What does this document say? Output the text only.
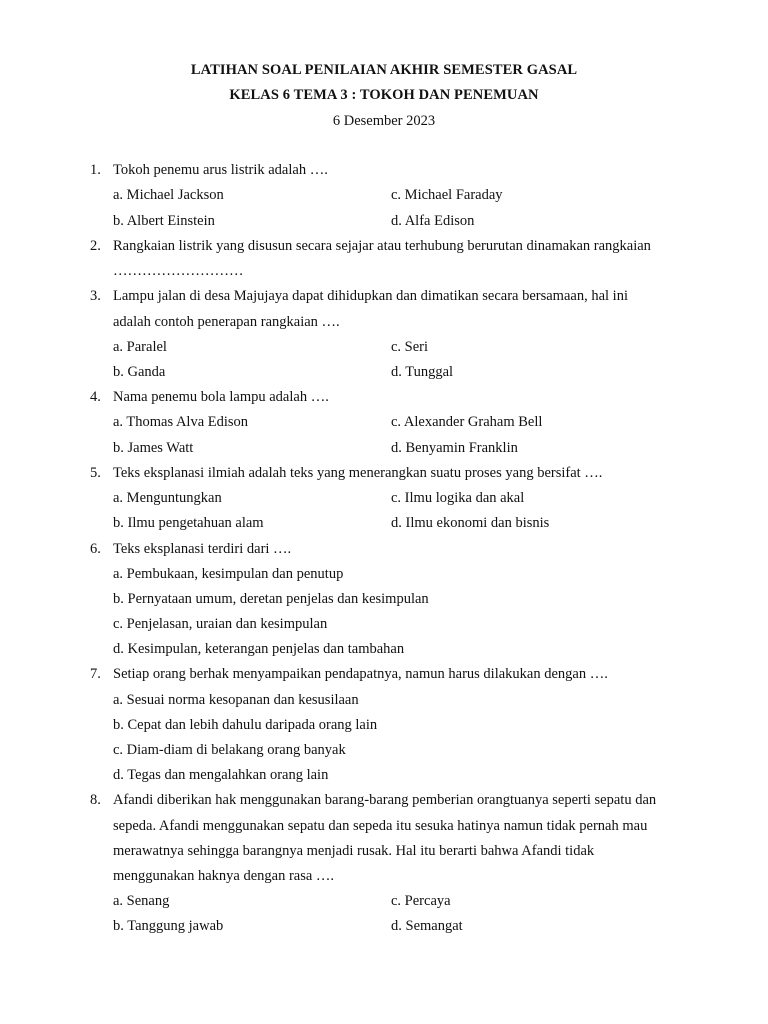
LATIHAN SOAL PENILAIAN AKHIR SEMESTER GASAL
KELAS 6 TEMA 3 : TOKOH DAN PENEMUAN
6 Desember 2023
1. Tokoh penemu arus listrik adalah ….
a. Michael Jackson
b. Albert Einstein
c. Michael Faraday
d. Alfa Edison
2. Rangkaian listrik yang disusun secara sejajar atau terhubung berurutan dinamakan rangkaian
………………………
3. Lampu jalan di desa Majujaya dapat dihidupkan dan dimatikan secara bersamaan, hal ini
adalah contoh penerapan rangkaian ….
a. Paralel
b. Ganda
c. Seri
d. Tunggal
4. Nama penemu bola lampu adalah ….
a. Thomas Alva Edison
b. James Watt
c. Alexander Graham Bell
d. Benyamin Franklin
5. Teks eksplanasi ilmiah adalah teks yang menerangkan suatu proses yang bersifat ….
a. Menguntungkan
b. Ilmu pengetahuan alam
c. Ilmu logika dan akal
d. Ilmu ekonomi dan bisnis
6. Teks eksplanasi terdiri dari ….
a. Pembukaan, kesimpulan dan penutup
b. Pernyataan umum, deretan penjelas dan kesimpulan
c. Penjelasan, uraian dan kesimpulan
d. Kesimpulan, keterangan penjelas dan tambahan
7. Setiap orang berhak menyampaikan pendapatnya, namun harus dilakukan dengan ….
a. Sesuai norma kesopanan dan kesusilaan
b. Cepat dan lebih dahulu daripada orang lain
c. Diam-diam di belakang orang banyak
d. Tegas dan mengalahkan orang lain
8. Afandi diberikan hak menggunakan barang-barang pemberian orangtuanya seperti sepatu dan
sepeda. Afandi menggunakan sepatu dan sepeda itu sesuka hatinya namun tidak pernah mau
merawatnya sehingga barangnya menjadi rusak. Hal itu berarti bahwa Afandi tidak
menggunakan haknya dengan rasa ….
a. Senang
b. Tanggung jawab
c. Percaya
d. Semangat
